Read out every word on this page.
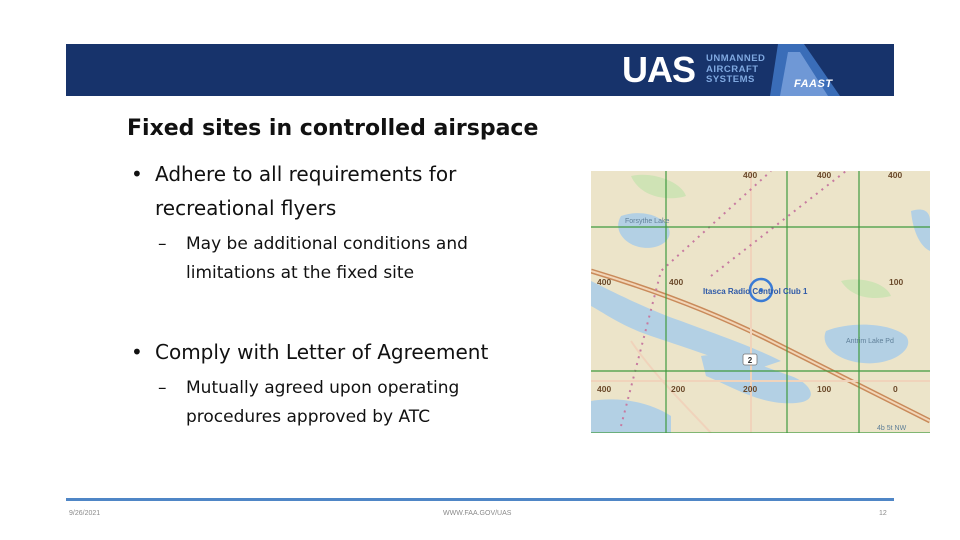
UAS UNMANNED
AIRCRAFT
SYSTEMS	FAAST
Fixed sites in controlled airspace
• Adhere to all requirements for
recreational flyers
– May be additional conditions and
limitations at the fixed site
• Comply with Letter of Agreement
– Mutually agreed upon operating
procedures approved by ATC
2
Forsythe Lake
Antrim Lake Pd
Itasca Radio Control Club 1
400	400	400
400	400	100
400	200	200	100	0
4b 5t NW
9/26/2021	WWW.FAA.GOV/UAS	12
